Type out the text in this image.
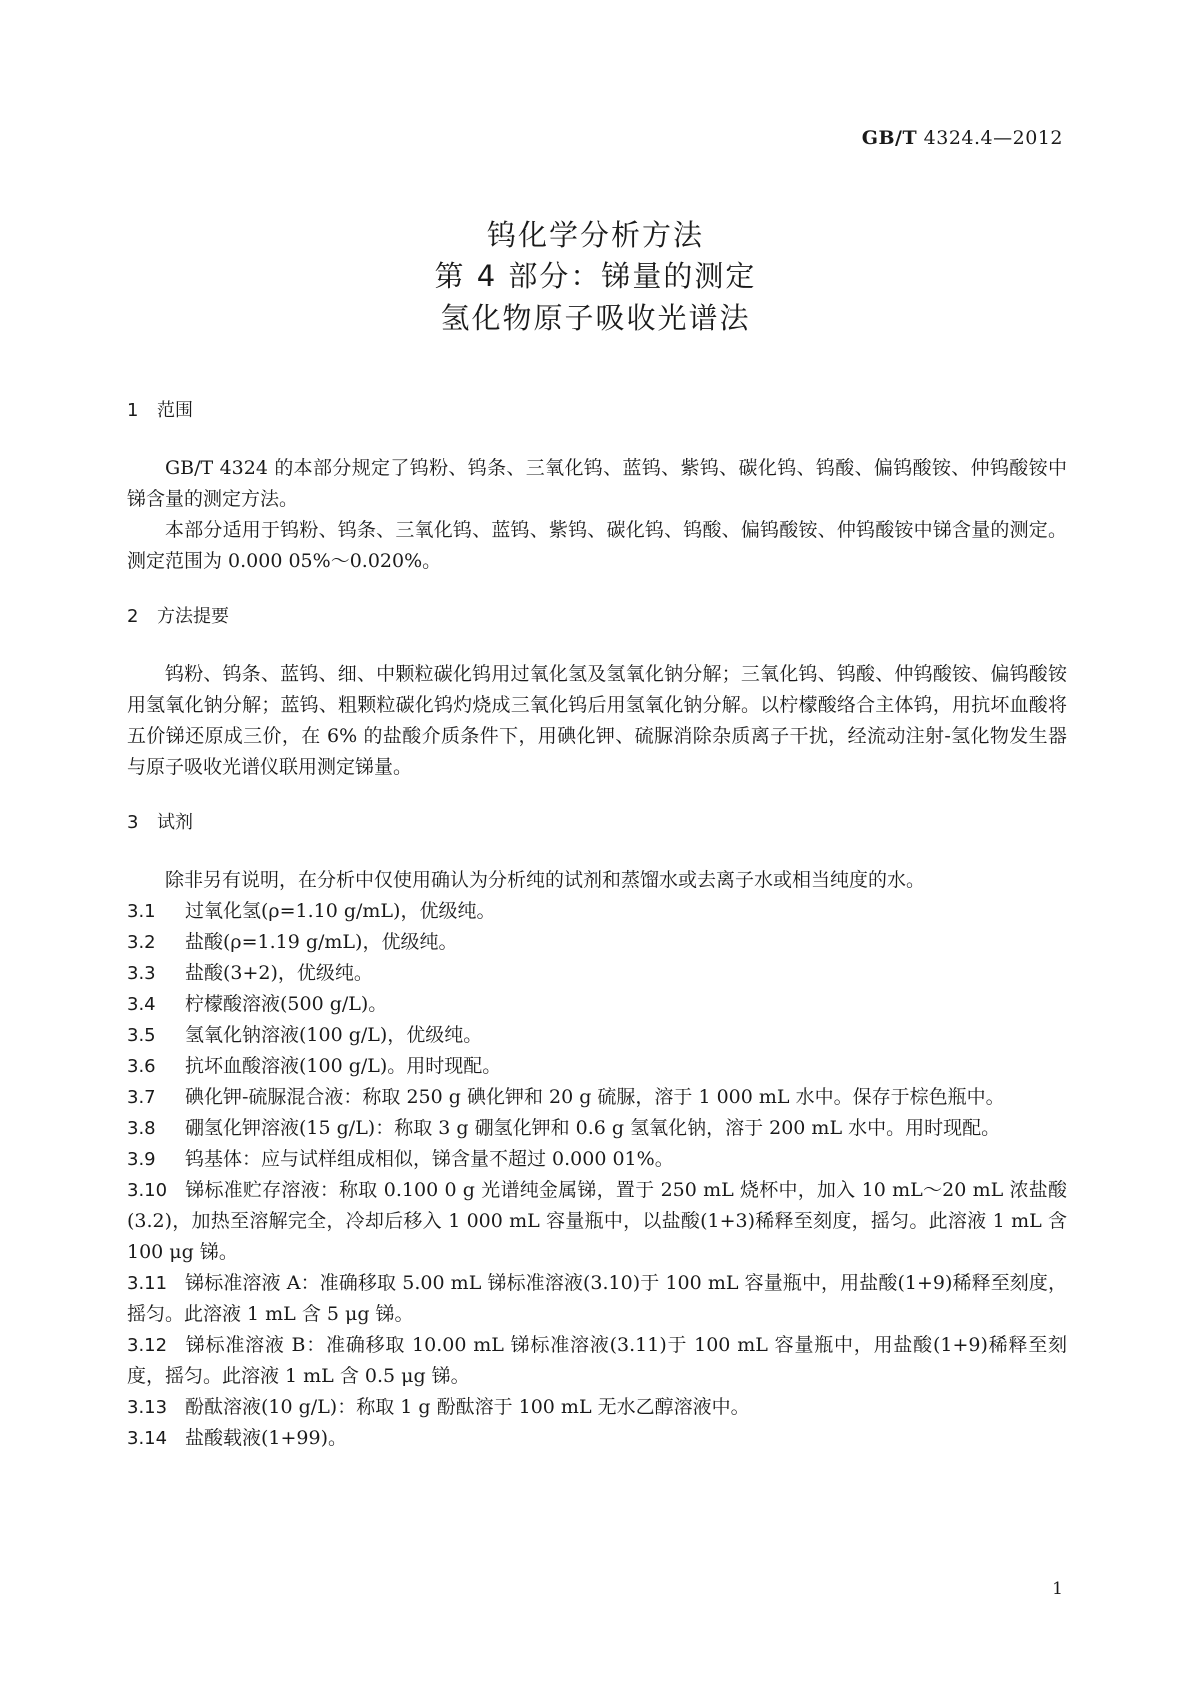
GB/T 4324.4—2012
钨化学分析方法
第 4 部分：锑量的测定
氢化物原子吸收光谱法
1 范围

GB/T 4324 的本部分规定了钨粉、钨条、三氧化钨、蓝钨、紫钨、碳化钨、钨酸、偏钨酸铵、仲钨酸铵中锑含量的测定方法。

本部分适用于钨粉、钨条、三氧化钨、蓝钨、紫钨、碳化钨、钨酸、偏钨酸铵、仲钨酸铵中锑含量的测定。测定范围为 0.000 05%～0.020%。

2 方法提要

钨粉、钨条、蓝钨、细、中颗粒碳化钨用过氧化氢及氢氧化钠分解；三氧化钨、钨酸、仲钨酸铵、偏钨酸铵用氢氧化钠分解；蓝钨、粗颗粒碳化钨灼烧成三氧化钨后用氢氧化钠分解。以柠檬酸络合主体钨，用抗坏血酸将五价锑还原成三价，在 6% 的盐酸介质条件下，用碘化钾、硫脲消除杂质离子干扰，经流动注射-氢化物发生器与原子吸收光谱仪联用测定锑量。

3 试剂

除非另有说明，在分析中仅使用确认为分析纯的试剂和蒸馏水或去离子水或相当纯度的水。

3.1 过氧化氢(ρ=1.10 g/mL)，优级纯。

3.2 盐酸(ρ=1.19 g/mL)，优级纯。

3.3 盐酸(3+2)，优级纯。

3.4 柠檬酸溶液(500 g/L)。

3.5 氢氧化钠溶液(100 g/L)，优级纯。

3.6 抗坏血酸溶液(100 g/L)。用时现配。

3.7 碘化钾-硫脲混合液：称取 250 g 碘化钾和 20 g 硫脲，溶于 1 000 mL 水中。保存于棕色瓶中。

3.8 硼氢化钾溶液(15 g/L)：称取 3 g 硼氢化钾和 0.6 g 氢氧化钠，溶于 200 mL 水中。用时现配。

3.9 钨基体：应与试样组成相似，锑含量不超过 0.000 01%。

3.10 锑标准贮存溶液：称取 0.100 0 g 光谱纯金属锑，置于 250 mL 烧杯中，加入 10 mL～20 mL 浓盐酸(3.2)，加热至溶解完全，冷却后移入 1 000 mL 容量瓶中，以盐酸(1+3)稀释至刻度，摇匀。此溶液 1 mL 含 100 μg 锑。

3.11 锑标准溶液 A：准确移取 5.00 mL 锑标准溶液(3.10)于 100 mL 容量瓶中，用盐酸(1+9)稀释至刻度，摇匀。此溶液 1 mL 含 5 μg 锑。

3.12 锑标准溶液 B：准确移取 10.00 mL 锑标准溶液(3.11)于 100 mL 容量瓶中，用盐酸(1+9)稀释至刻度，摇匀。此溶液 1 mL 含 0.5 μg 锑。

3.13 酚酞溶液(10 g/L)：称取 1 g 酚酞溶于 100 mL 无水乙醇溶液中。

3.14 盐酸载液(1+99)。

1
